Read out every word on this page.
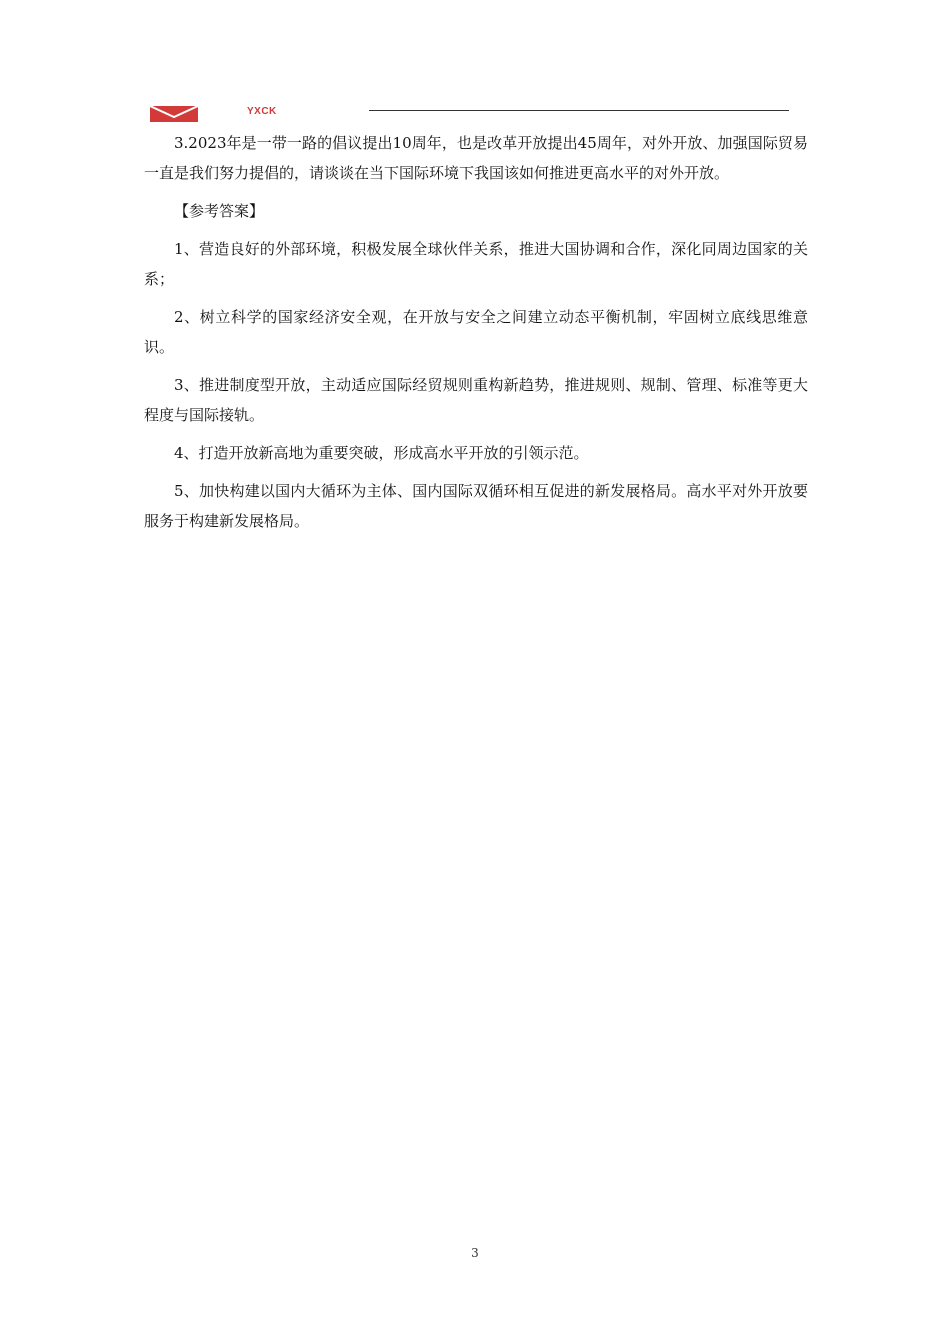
YXCK

3.2023年是一带一路的倡议提出10周年，也是改革开放提出45周年，对外开放、加强国际贸易一直是我们努力提倡的，请谈谈在当下国际环境下我国该如何推进更高水平的对外开放。

【参考答案】

1、营造良好的外部环境，积极发展全球伙伴关系，推进大国协调和合作，深化同周边国家的关系；

2、树立科学的国家经济安全观，在开放与安全之间建立动态平衡机制，牢固树立底线思维意识。

3、推进制度型开放，主动适应国际经贸规则重构新趋势，推进规则、规制、管理、标准等更大程度与国际接轨。

4、打造开放新高地为重要突破，形成高水平开放的引领示范。

5、加快构建以国内大循环为主体、国内国际双循环相互促进的新发展格局。高水平对外开放要服务于构建新发展格局。

3
